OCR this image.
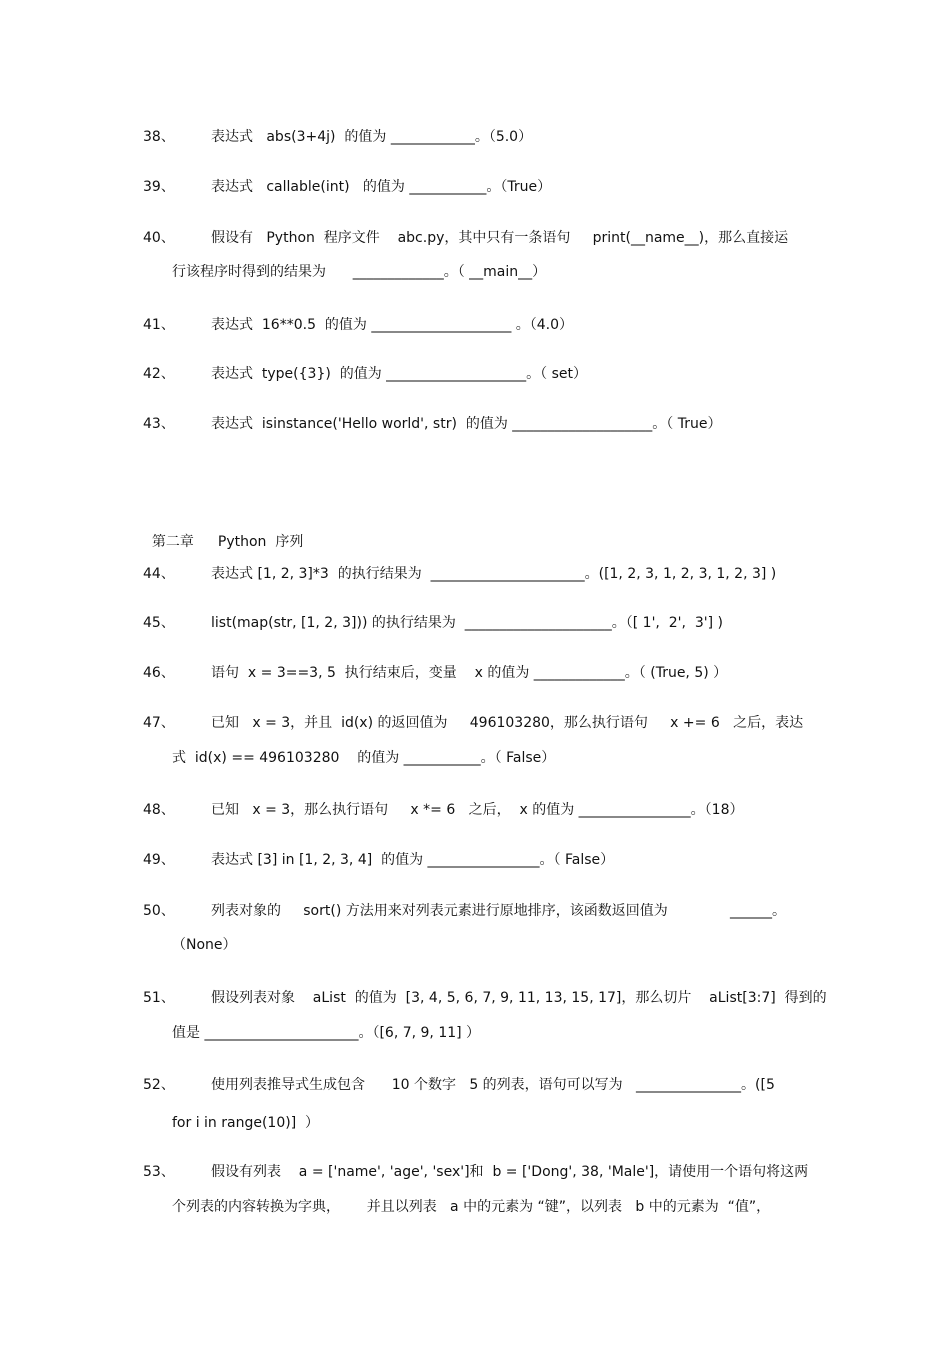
38、	表达式   abs(3+4j)  的值为 ____________。（5.0）
39、	表达式   callable(int)   的值为 ___________。（True）
40、	假设有   Python  程序文件    abc.py，其中只有一条语句     print(__name__)，那么直接运
行该程序时得到的结果为      _____________。（ __main__）
41、	表达式  16**0.5  的值为 ____________________ 。（4.0）
42、	表达式  type({3})  的值为 ____________________。（ set）
43、	表达式  isinstance('Hello world', str)  的值为 ____________________。（ True）

第二章 Python  序列

44、	表达式 [1, 2, 3]*3  的执行结果为  ______________________。([1, 2, 3, 1, 2, 3, 1, 2, 3] )
45、	list(map(str, [1, 2, 3])) 的执行结果为  _____________________。（[ 1',  2',  3'] )
46、	语句  x = 3==3, 5  执行结束后，变量    x 的值为 _____________。（ (True, 5) ）
47、	已知   x = 3，并且  id(x) 的返回值为     496103280，那么执行语句     x += 6   之后，表达
式  id(x) == 496103280    的值为 ___________。（ False）
48、	已知   x = 3，那么执行语句     x *= 6   之后，  x 的值为 ________________。（18）
49、	表达式 [3] in [1, 2, 3, 4]  的值为 ________________。（ False）
50、	列表对象的     sort() 方法用来对列表元素进行原地排序，该函数返回值为              ______。
（None）
51、	假设列表对象    aList  的值为  [3, 4, 5, 6, 7, 9, 11, 13, 15, 17]，那么切片    aList[3:7]  得到的
值是 ______________________。（[6, 7, 9, 11] ）
52、	使用列表推导式生成包含      10 个数字   5 的列表，语句可以写为   _______________。([5
for i in range(10)]  ）
53、	假设有列表    a = ['name', 'age', 'sex']和  b = ['Dong', 38, 'Male']，请使用一个语句将这两
个列表的内容转换为字典，      并且以列表   a 中的元素为 “键”，以列表   b 中的元素为  “值”，
